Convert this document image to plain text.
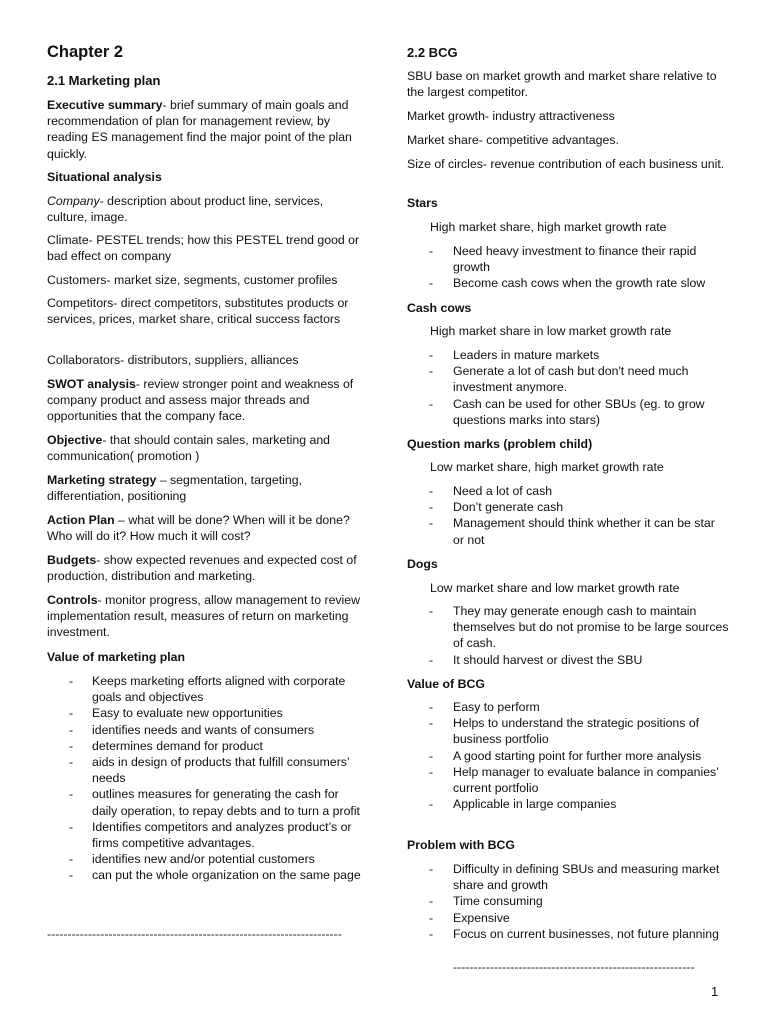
Chapter 2

2.1 Marketing plan

Executive summary- brief summary of main goals and recommendation of plan for management review, by reading ES management find the major point of the plan quickly.

Situational analysis

Company- description about product line, services, culture, image.

Climate- PESTEL trends; how this PESTEL trend good or bad effect on company

Customers- market size, segments, customer profiles

Competitors- direct competitors, substitutes products or services, prices, market share, critical success factors

Collaborators- distributors, suppliers, alliances

SWOT analysis- review stronger point and weakness of company product and assess major threads and opportunities that the company face.

Objective- that should contain sales, marketing and communication( promotion )

Marketing strategy – segmentation, targeting, differentiation, positioning

Action Plan – what will be done? When will it be done? Who will do it? How much it will cost?

Budgets- show expected revenues and expected cost of production, distribution and marketing.

Controls- monitor progress, allow management to review implementation result, measures of return on marketing investment.

Value of marketing plan

- Keeps marketing efforts aligned with corporate goals and objectives
- Easy to evaluate new opportunities
- identifies needs and wants of consumers
- determines demand for product
- aids in design of products that fulfill consumers’ needs
- outlines measures for generating the cash for daily operation, to repay debts and to turn a profit
- Identifies competitors and analyzes product’s or firms competitive advantages.
- identifies new and/or potential customers
- can put the whole organization on the same page

------------------------------------------------------------------------

2.2 BCG

SBU base on market growth and market share relative to the largest competitor.

Market growth- industry attractiveness

Market share- competitive advantages.

Size of circles- revenue contribution of each business unit.

Stars

High market share, high market growth rate

- Need heavy investment to finance their rapid growth
- Become cash cows when the growth rate slow

Cash cows

High market share in low market growth rate

- Leaders in mature markets
- Generate a lot of cash but don't need much investment anymore.
- Cash can be used for other SBUs (eg. to grow questions marks into stars)

Question marks (problem child)

Low market share, high market growth rate

- Need a lot of cash
- Don’t generate cash
- Management should think whether it can be star or not

Dogs

Low market share and low market growth rate

- They may generate enough cash to maintain themselves but do not promise to be large sources of cash.
- It should harvest or divest the SBU

Value of BCG

- Easy to perform
- Helps to understand the strategic positions of business portfolio
- A good starting point for further more analysis
- Help manager to evaluate balance in companies’ current portfolio
- Applicable in large companies

Problem with BCG

- Difficulty in defining SBUs and measuring market share and growth
- Time consuming
- Expensive
- Focus on current businesses, not future planning

-----------------------------------------------------------

1
